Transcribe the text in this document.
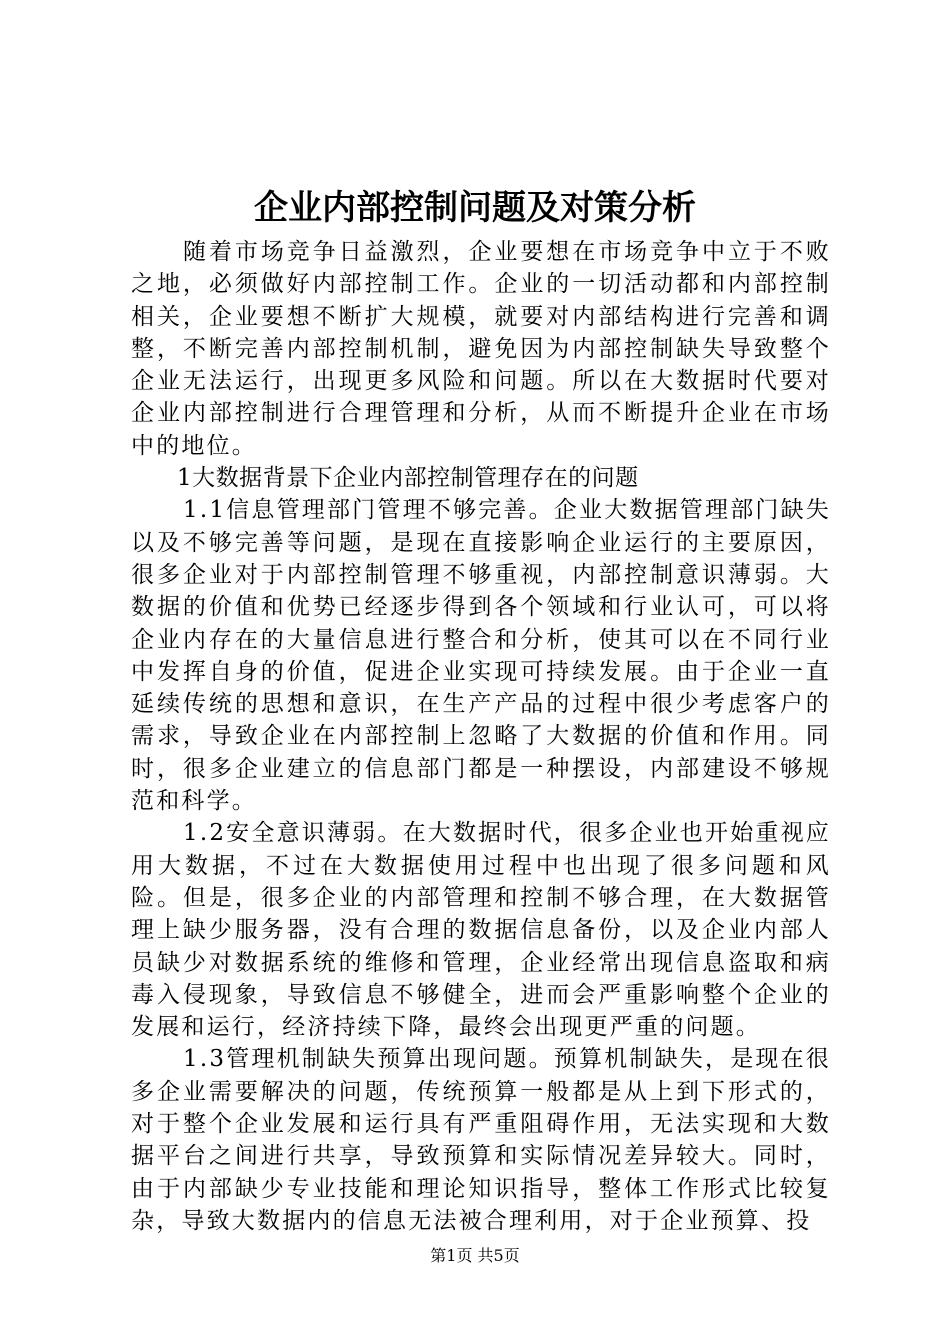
企业内部控制问题及对策分析

随着市场竞争日益激烈，企业要想在市场竞争中立于不败之地，必须做好内部控制工作。企业的一切活动都和内部控制相关，企业要想不断扩大规模，就要对内部结构进行完善和调整，不断完善内部控制机制，避免因为内部控制缺失导致整个企业无法运行，出现更多风险和问题。所以在大数据时代要对企业内部控制进行合理管理和分析，从而不断提升企业在市场中的地位。

1大数据背景下企业内部控制管理存在的问题

1.1信息管理部门管理不够完善。企业大数据管理部门缺失以及不够完善等问题，是现在直接影响企业运行的主要原因，很多企业对于内部控制管理不够重视，内部控制意识薄弱。大数据的价值和优势已经逐步得到各个领域和行业认可，可以将企业内存在的大量信息进行整合和分析，使其可以在不同行业中发挥自身的价值，促进企业实现可持续发展。由于企业一直延续传统的思想和意识，在生产产品的过程中很少考虑客户的需求，导致企业在内部控制上忽略了大数据的价值和作用。同时，很多企业建立的信息部门都是一种摆设，内部建设不够规范和科学。

1.2安全意识薄弱。在大数据时代，很多企业也开始重视应用大数据，不过在大数据使用过程中也出现了很多问题和风险。但是，很多企业的内部管理和控制不够合理，在大数据管理上缺少服务器，没有合理的数据信息备份，以及企业内部人员缺少对数据系统的维修和管理，企业经常出现信息盗取和病毒入侵现象，导致信息不够健全，进而会严重影响整个企业的发展和运行，经济持续下降，最终会出现更严重的问题。

1.3管理机制缺失预算出现问题。预算机制缺失，是现在很多企业需要解决的问题，传统预算一般都是从上到下形式的，对于整个企业发展和运行具有严重阻碍作用，无法实现和大数据平台之间进行共享，导致预算和实际情况差异较大。同时，由于内部缺少专业技能和理论知识指导，整体工作形式比较复杂，导致大数据内的信息无法被合理利用，对于企业预算、投

第1页 共5页
